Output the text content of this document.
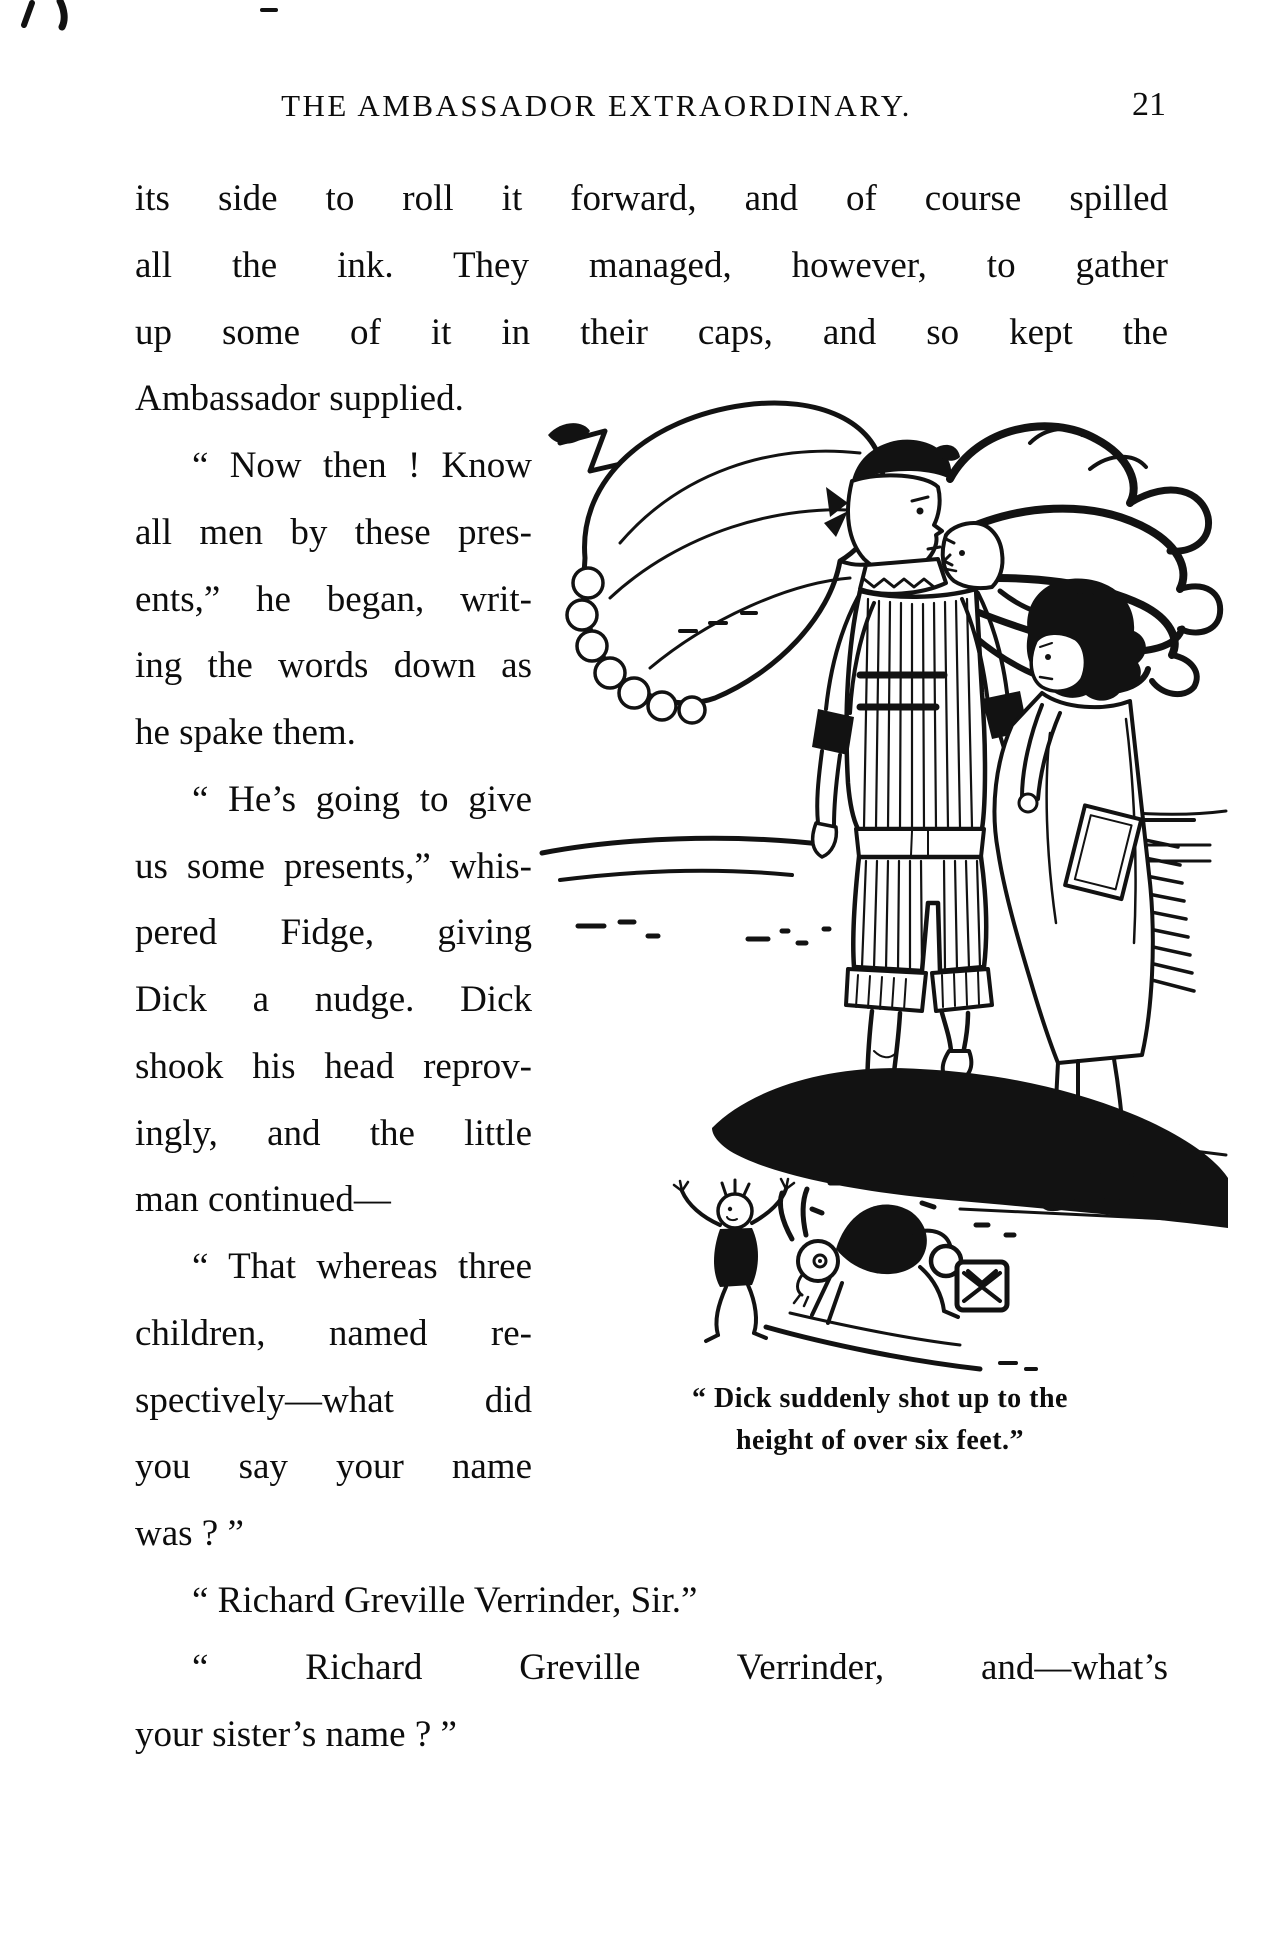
THE AMBASSADOR EXTRAORDINARY.	21
its side to roll it forward, and of course spilled
all the ink. They managed, however, to gather
up some of it in their caps, and so kept the
Ambassador supplied.
“ Now then ! Know
all men by these pres-
ents,” he began, writ-
ing the words down as
he spake them.
“ He’s going to give
us some presents,” whis-
pered Fidge, giving
Dick a nudge. Dick
shook his head reprov-
ingly, and the little
man continued—
“ That whereas three
children, named re-
spectively—what did
you say your name
was ? ”
“ Richard Greville Verrinder, Sir.”
“ Richard Greville Verrinder, and—what’s
your sister’s name ? ”
“ Dick suddenly shot up to the
height of over six feet.”
